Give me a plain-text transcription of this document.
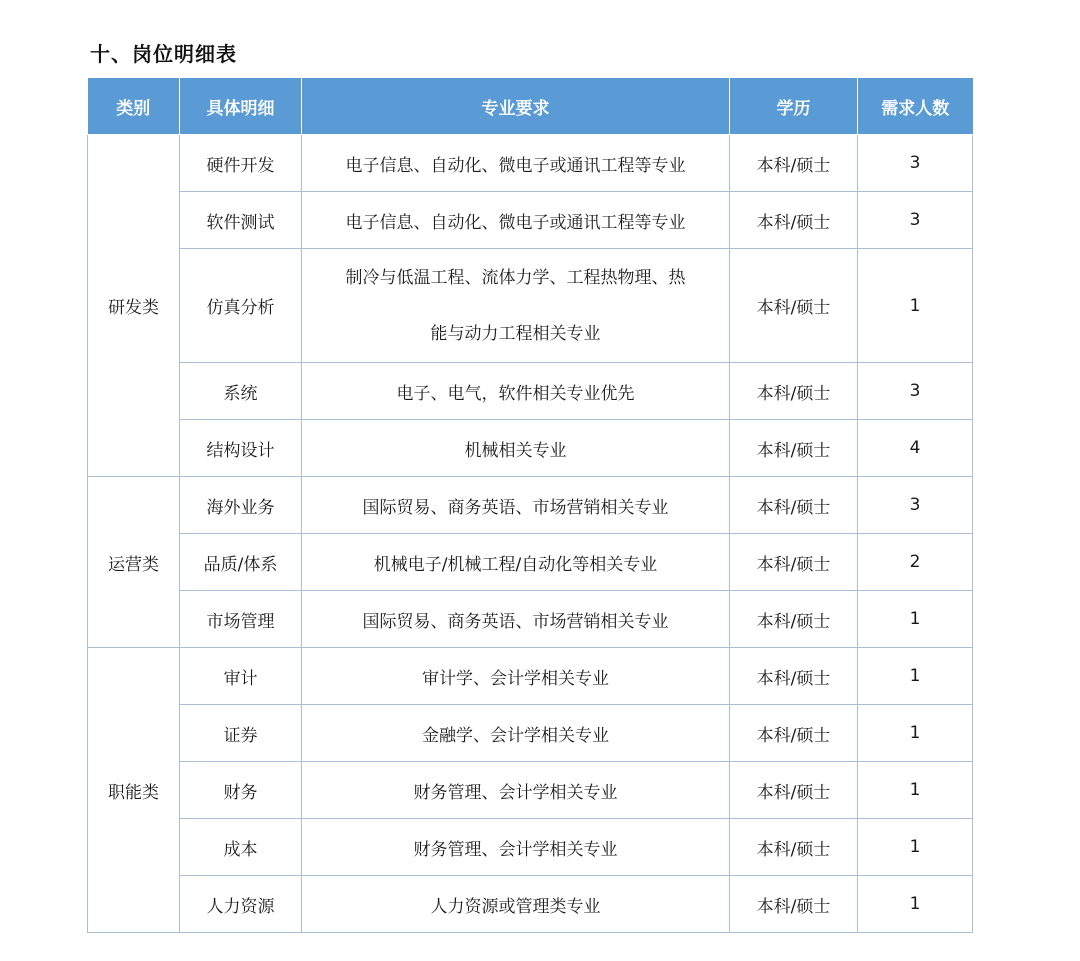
十、岗位明细表
类别	具体明细	专业要求	学历	需求人数
研发类	硬件开发	电子信息、自动化、微电子或通讯工程等专业	本科/硕士	3
	软件测试	电子信息、自动化、微电子或通讯工程等专业	本科/硕士	3
	仿真分析	制冷与低温工程、流体力学、工程热物理、热
能与动力工程相关专业	本科/硕士	1
	系统	电子、电气，软件相关专业优先	本科/硕士	3
	结构设计	机械相关专业	本科/硕士	4
运营类	海外业务	国际贸易、商务英语、市场营销相关专业	本科/硕士	3
	品质/体系	机械电子/机械工程/自动化等相关专业	本科/硕士	2
	市场管理	国际贸易、商务英语、市场营销相关专业	本科/硕士	1
职能类	审计	审计学、会计学相关专业	本科/硕士	1
	证券	金融学、会计学相关专业	本科/硕士	1
	财务	财务管理、会计学相关专业	本科/硕士	1
	成本	财务管理、会计学相关专业	本科/硕士	1
	人力资源	人力资源或管理类专业	本科/硕士	1
